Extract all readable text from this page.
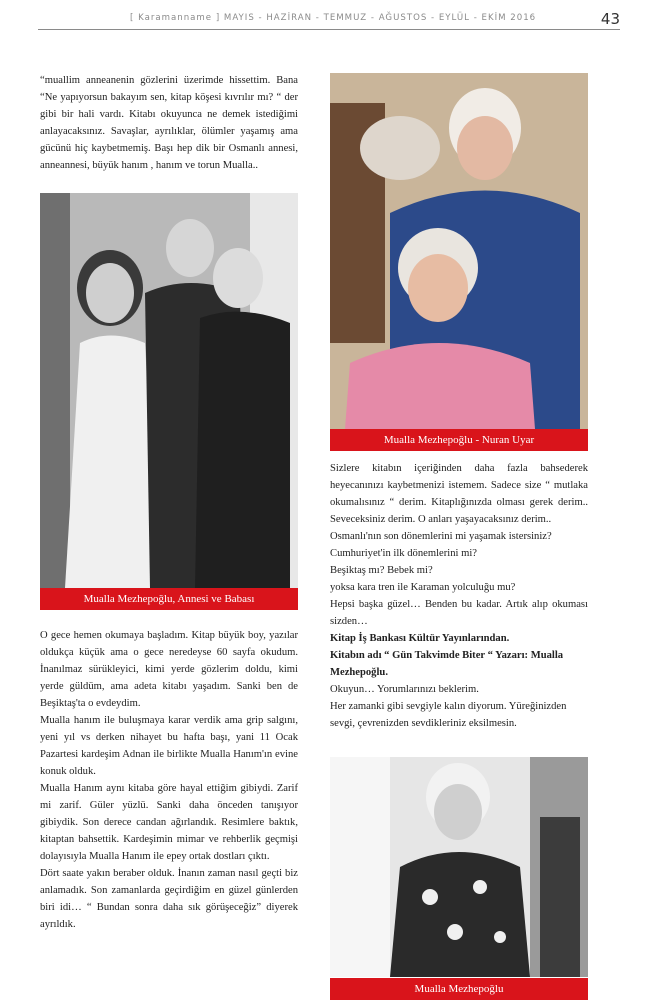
[ Karamanname ] MAYIS - HAZİRAN - TEMMUZ - AĞUSTOS - EYLÜL - EKİM 2016	43

“muallim anneanenin gözlerini üzerimde hissettim. Bana “Ne yapıyorsun bakayım sen, kitap köşesi kıvrılır mı? “ der gibi bir hali vardı. Kitabı okuyunca ne demek istediğimi anlayacaksınız. Savaşlar, ayrılıklar, ölümler yaşamış ama gücünü hiç kaybetmemiş. Başı hep dik bir Osmanlı annesi, anneannesi, büyük hanım , hanım ve torun Mualla..

Mualla Mezhepoğlu, Annesi ve Babası

O gece hemen okumaya başladım. Kitap büyük boy, yazılar oldukça küçük ama o gece neredeyse 60 sayfa okudum. İnanılmaz sürükleyici, kimi yerde gözlerim doldu, kimi yerde güldüm, ama adeta kitabı yaşadım. Sanki ben de Beşiktaş'ta o evdeydim.

Mualla hanım ile buluşmaya karar verdik ama grip salgını, yeni yıl vs derken nihayet bu hafta başı, yani 11 Ocak Pazartesi kardeşim Adnan ile birlikte Mualla Hanım'ın evine konuk olduk.

Mualla Hanım aynı kitaba göre hayal ettiğim gibiydi. Zarif mi zarif. Güler yüzlü. Sanki daha önceden tanışıyor gibiydik. Son derece candan ağırlandık. Resimlere baktık, kitaptan bahsettik. Kardeşimin mimar ve rehberlik geçmişi dolayısıyla Mualla Hanım ile epey ortak dostları çıktı.

Dört saate yakın beraber olduk. İnanın zaman nasıl geçti biz anlamadık. Son zamanlarda geçirdiğim en güzel günlerden biri idi… “ Bundan sonra daha sık görüşeceğiz” diyerek ayrıldık.

Mualla Mezhepoğlu - Nuran Uyar

Sizlere kitabın içeriğinden daha fazla bahsederek heyecanınızı kaybetmenizi istemem. Sadece size “ mutlaka okumalısınız “ derim. Kitaplığınızda olması gerek derim.. Seveceksiniz derim. O anları yaşayacaksınız derim..

Osmanlı'nın son dönemlerini mi yaşamak istersiniz?

Cumhuriyet'in ilk dönemlerini mi?

Beşiktaş mı? Bebek mi?

yoksa kara tren ile Karaman yolculuğu mu?

Hepsi başka güzel… Benden bu kadar. Artık alıp okuması sizden…

Kitap İş Bankası Kültür Yayınlarından.

Kitabın adı “ Gün Takvimde Biter “ Yazarı: Mualla Mezhepoğlu.

Okuyun… Yorumlarınızı beklerim.

Her zamanki gibi sevgiyle kalın diyorum. Yüreğinizden sevgi, çevrenizden sevdikleriniz eksilmesin.

Mualla Mezhepoğlu
